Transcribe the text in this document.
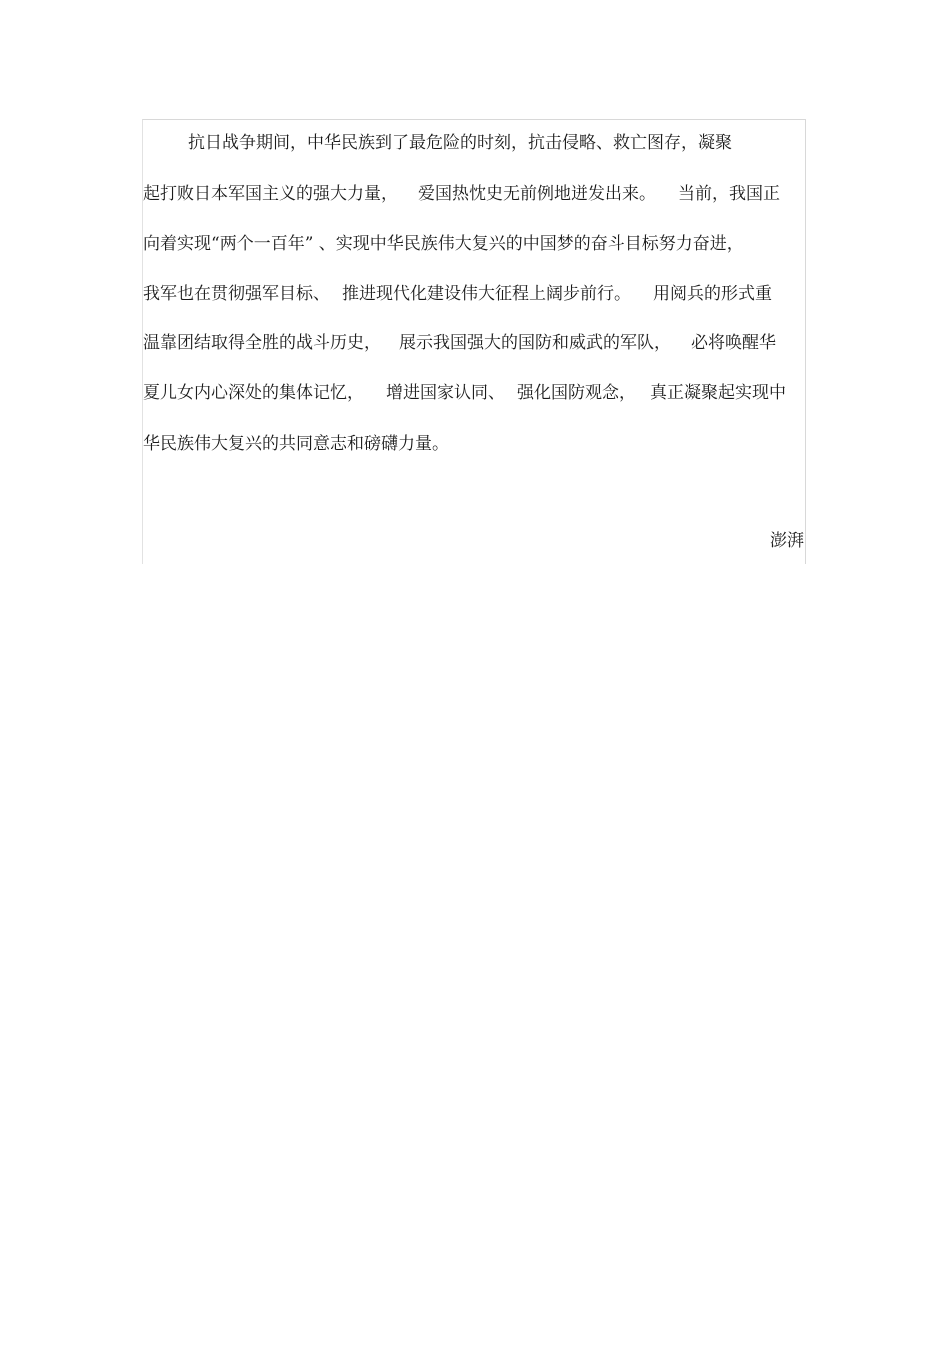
抗日战争期间，中华民族到了最危险的时刻，抗击侵略、救亡图存，凝聚
起打败日本军国主义的强大力量， 爱国热忱史无前例地迸发出来。 当前，我国正
向着实现“两个一百年” 、实现中华民族伟大复兴的中国梦的奋斗目标努力奋进，
我军也在贯彻强军目标、 推进现代化建设伟大征程上阔步前行。 用阅兵的形式重
温靠团结取得全胜的战斗历史， 展示我国强大的国防和威武的军队， 必将唤醒华
夏儿女内心深处的集体记忆， 增进国家认同、 强化国防观念， 真正凝聚起实现中
华民族伟大复兴的共同意志和磅礴力量。
澎湃
